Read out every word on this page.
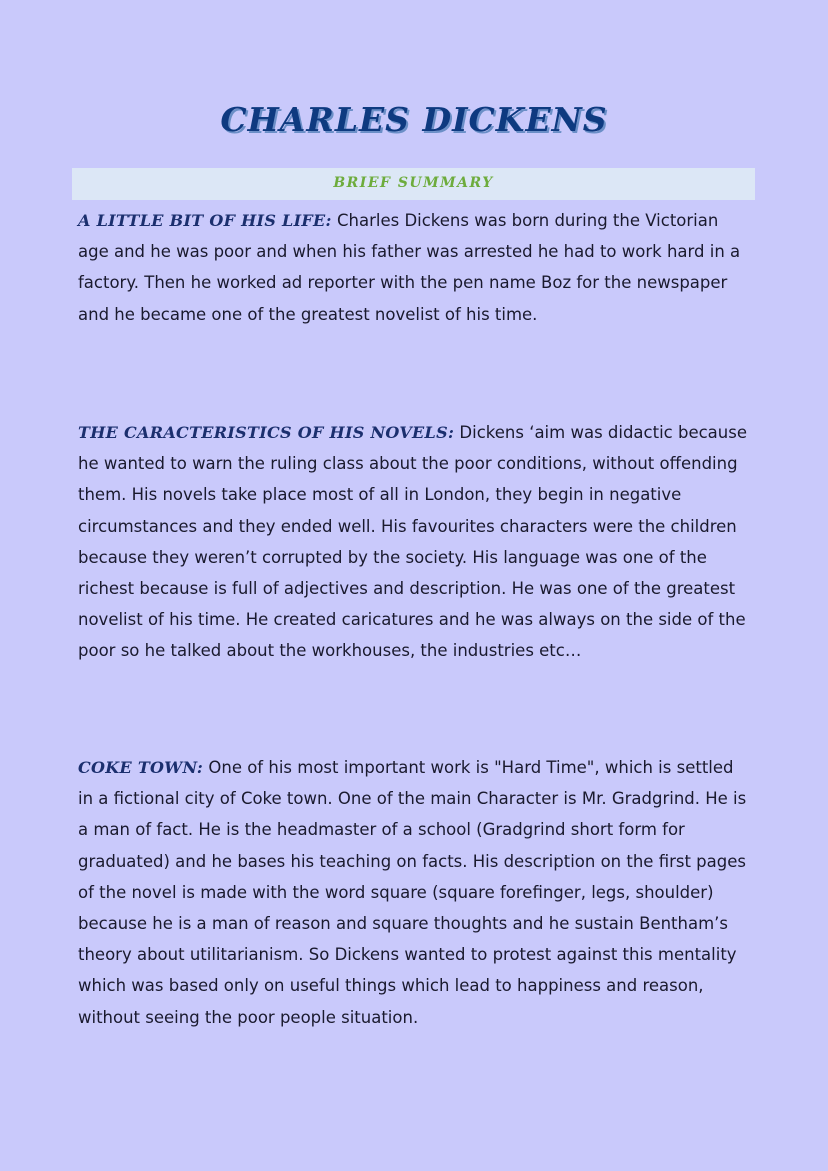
CHARLES DICKENS
BRIEF SUMMARY

A LITTLE BIT OF HIS LIFE: Charles Dickens was born during the Victorian age and he was poor and when his father was arrested he had to work hard in a factory. Then he worked ad reporter with the pen name Boz for the newspaper and he became one of the greatest novelist of his time.

THE CARACTERISTICS OF HIS NOVELS: Dickens ‘aim was didactic because he wanted to warn the ruling class about the poor conditions, without offending them. His novels take place most of all in London, they begin in negative circumstances and they ended well. His favourites characters were the children because they weren’t corrupted by the society. His language was one of the richest because is full of adjectives and description. He was one of the greatest novelist of his time. He created caricatures and he was always on the side of the poor so he talked about the workhouses, the industries etc…

COKE TOWN: One of his most important work is "Hard Time", which is settled in a fictional city of Coke town. One of the main Character is Mr. Gradgrind. He is a man of fact. He is the headmaster of a school (Gradgrind short form for graduated) and he bases his teaching on facts. His description on the first pages of the novel is made with the word square (square forefinger, legs, shoulder) because he is a man of reason and square thoughts and he sustain Bentham’s theory about utilitarianism. So Dickens wanted to protest against this mentality which was based only on useful things which lead to happiness and reason, without seeing the poor people situation.
